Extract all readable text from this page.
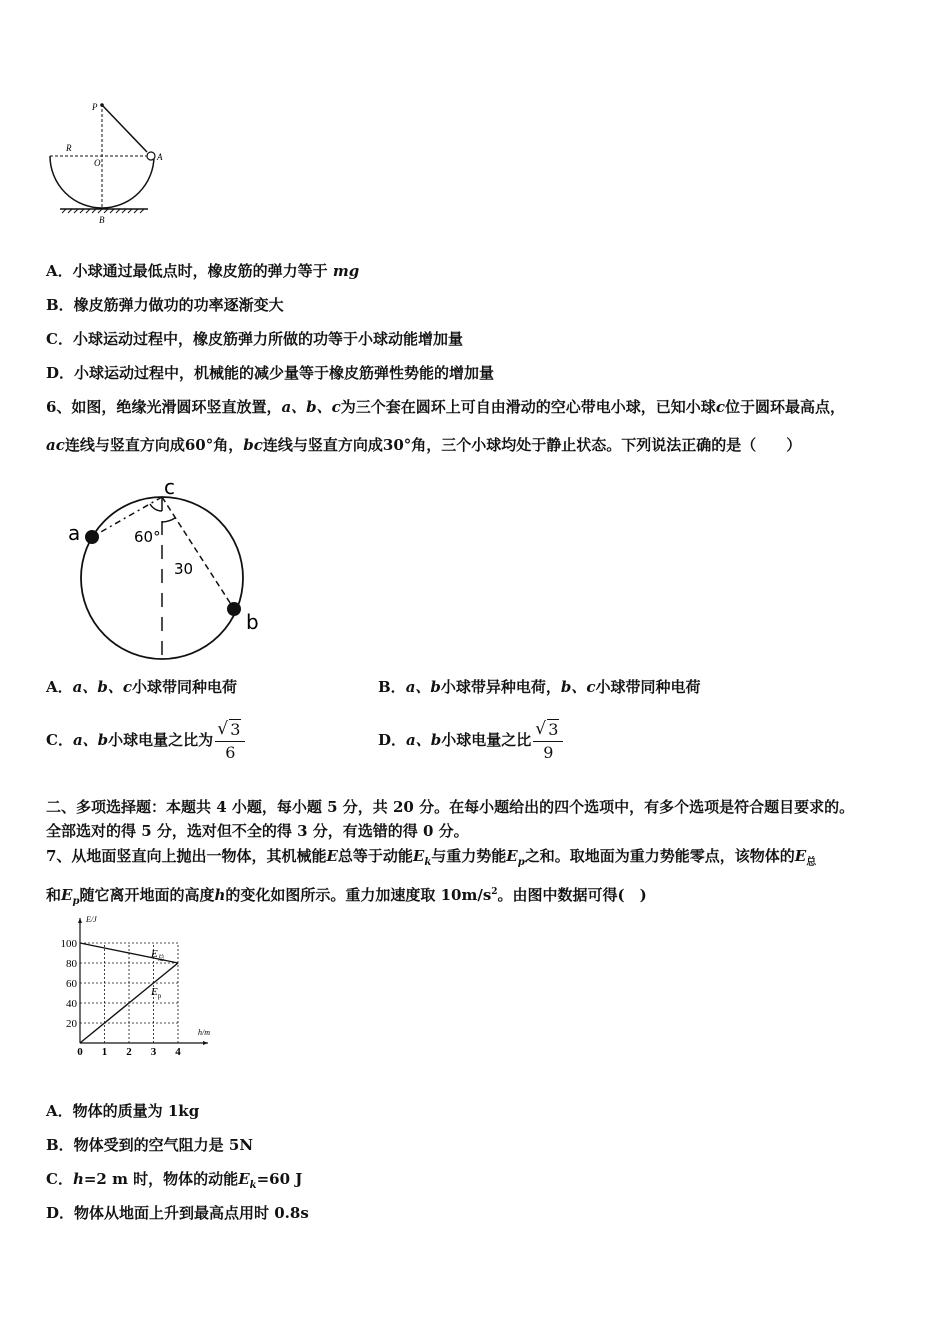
P
R
O
A
B
A．小球通过最低点时，橡皮筋的弹力等于 mg
B．橡皮筋弹力做功的功率逐渐变大
C．小球运动过程中，橡皮筋弹力所做的功等于小球动能增加量
D．小球运动过程中，机械能的减少量等于橡皮筋弹性势能的增加量
6、如图，绝缘光滑圆环竖直放置，a、b、c为三个套在圆环上可自由滑动的空心带电小球，已知小球c位于圆环最高点，
ac连线与竖直方向成60°角，bc连线与竖直方向成30°角，三个小球均处于静止状态。下列说法正确的是（　　）
a
b
c
60°
30
A．a、b、c小球带同种电荷	B．a、b小球带异种电荷，b、c小球带同种电荷
C．a、b小球电量之比为 √ $\frac{3}{6}$	D．a、b小球电量之比 √ $\frac{3}{9}$
二、多项选择题：本题共 4 小题，每小题 5 分，共 20 分。在每小题给出的四个选项中，有多个选项是符合题目要求的。
全部选对的得 5 分，选对但不全的得 3 分，有选错的得 0 分。
7、从地面竖直向上抛出一物体，其机械能E总等于动能$E_k$与重力势能$E_p$之和。取地面为重力势能零点，该物体的$E_总$
和$E_p$随它离开地面的高度h的变化如图所示。重力加速度取 $10m/s^2$。由图中数据可得(　)
20
40
60
80
100
0 1 2 3 4
E/J
h/m
$E_总$
$E_p$
A．物体的质量为 1kg
B．物体受到的空气阻力是 5N
C．h=2 m 时，物体的动能$E_k=60$ J
D．物体从地面上升到最高点用时 0.8s
